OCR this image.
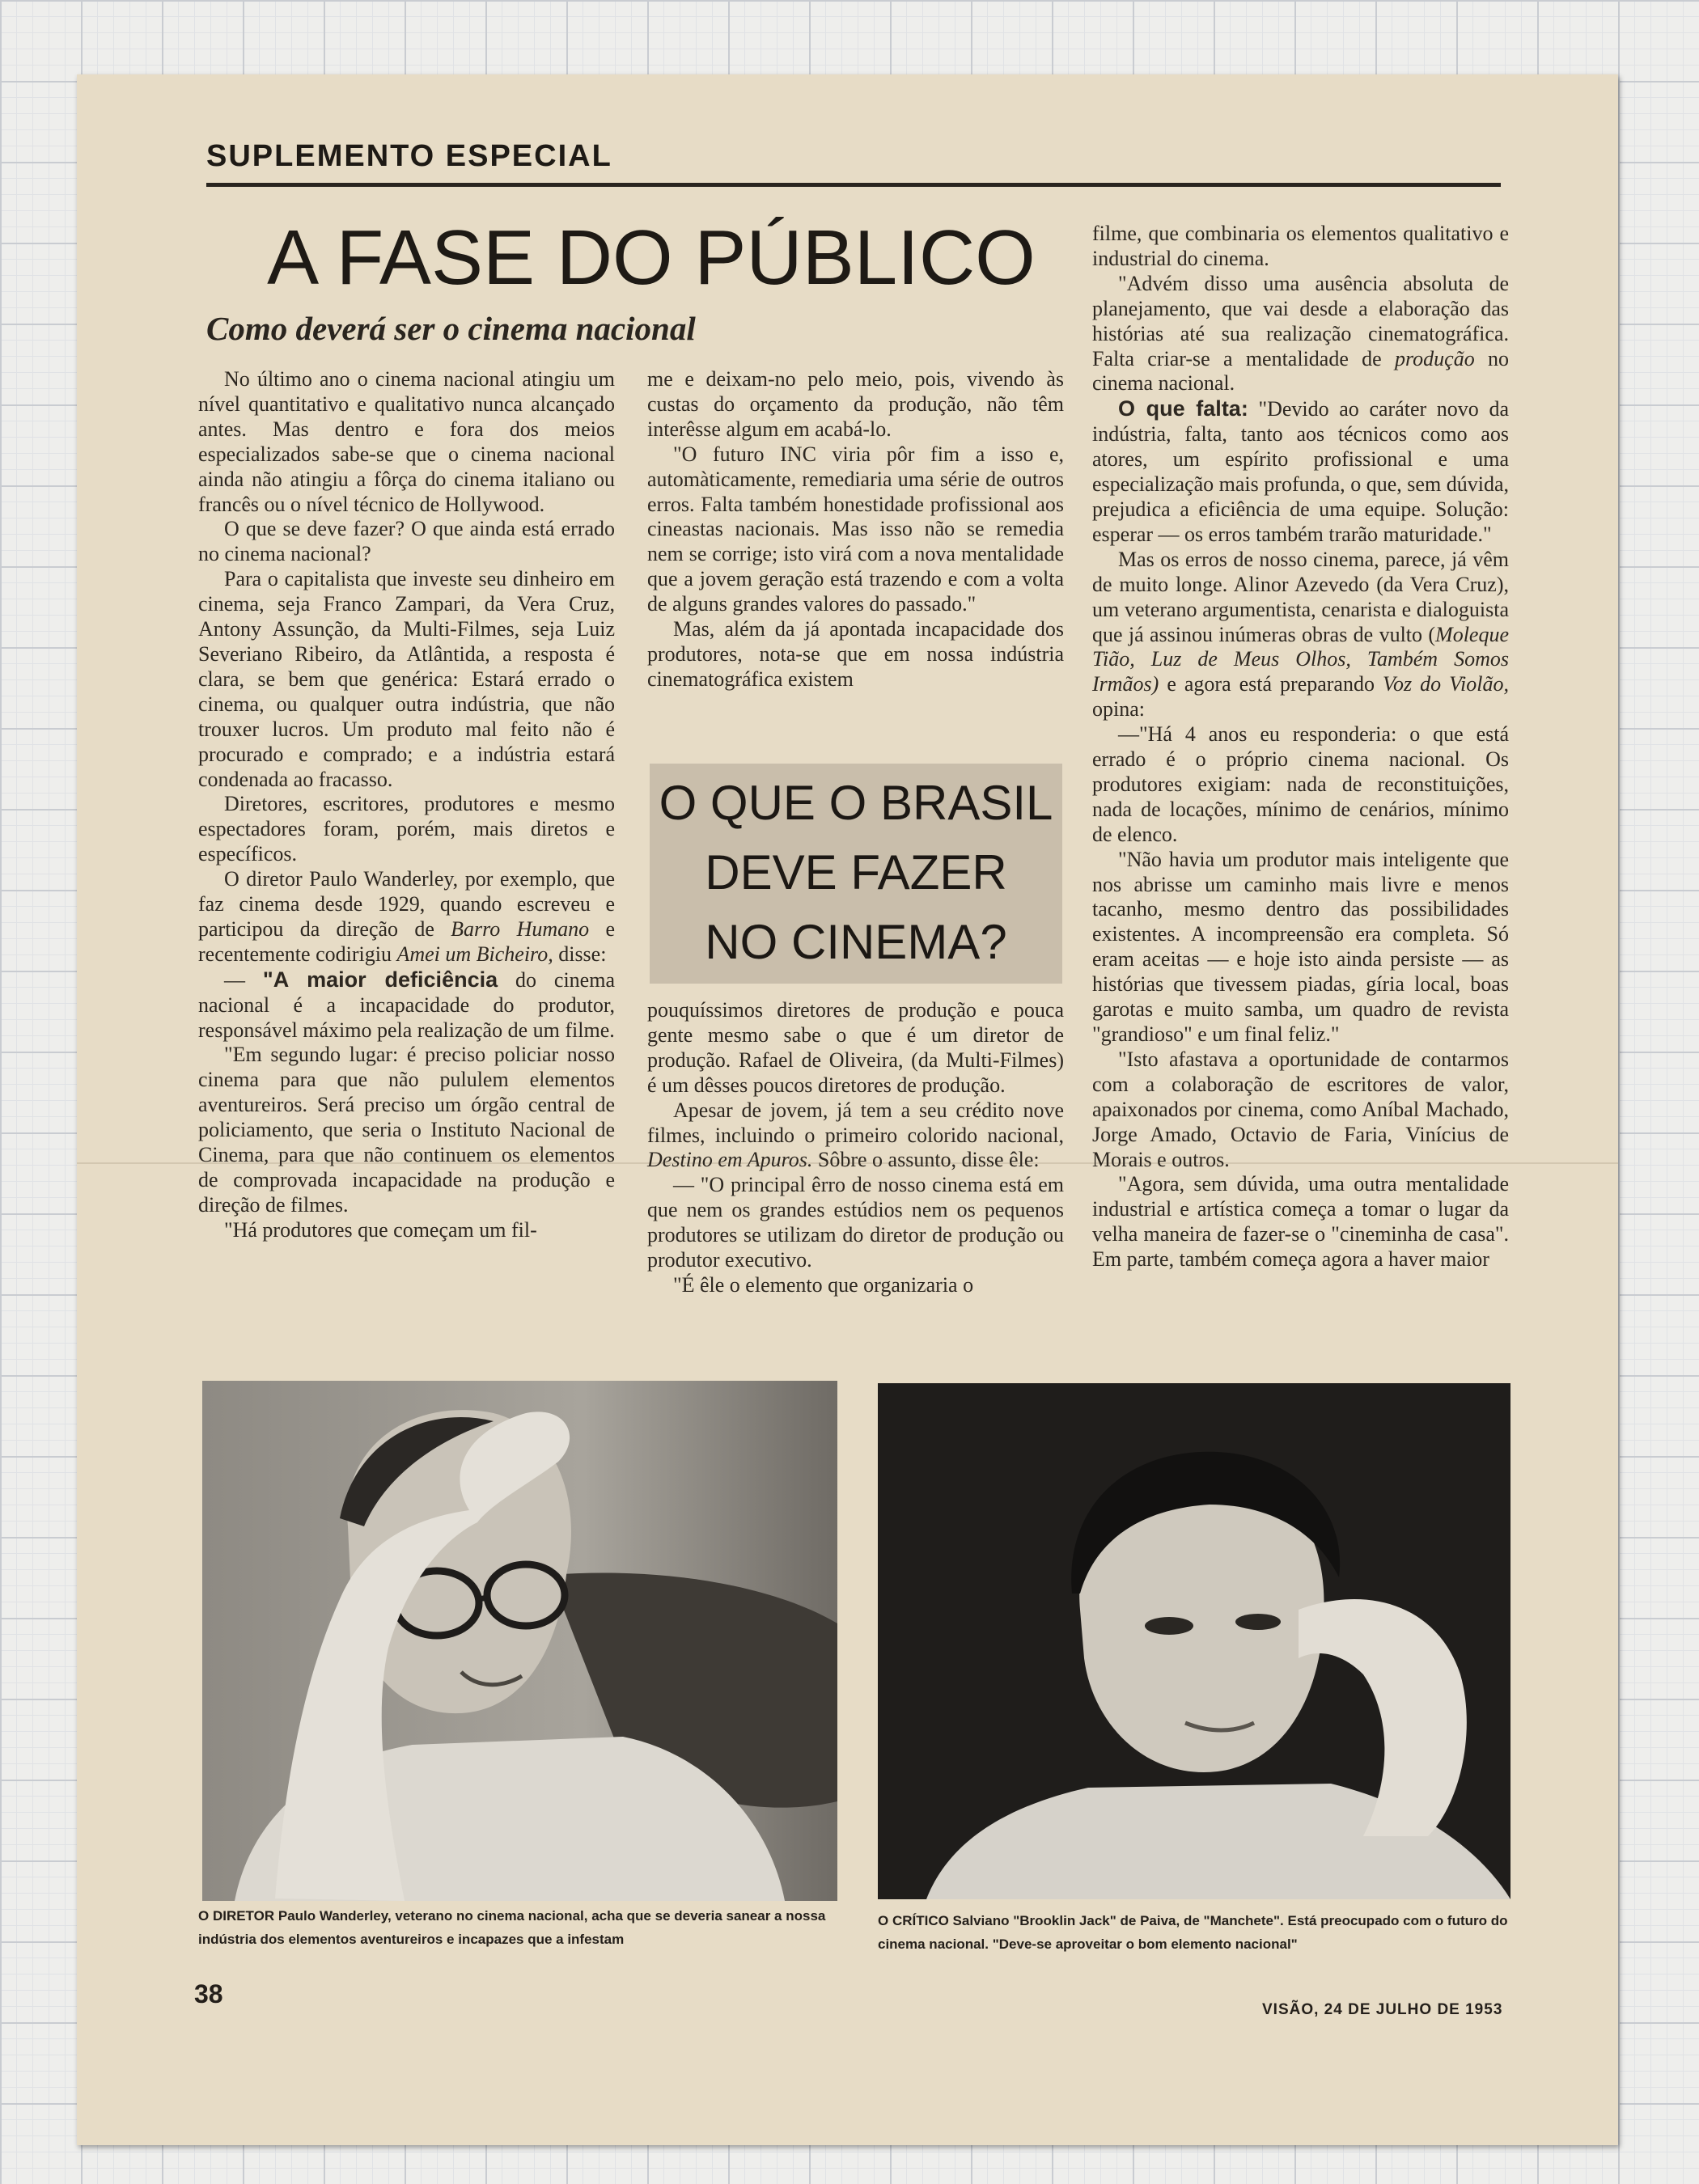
SUPLEMENTO ESPECIAL
A FASE DO PÚBLICO
Como deverá ser o cinema nacional

No último ano o cinema nacional atingiu um nível quantitativo e qualitativo nunca alcançado antes. Mas dentro e fora dos meios especializados sabe-se que o cinema nacional ainda não atingiu a fôrça do cinema italiano ou francês ou o nível técnico de Hollywood.

O que se deve fazer? O que ainda está errado no cinema nacional?

Para o capitalista que investe seu dinheiro em cinema, seja Franco Zampari, da Vera Cruz, Antony Assunção, da Multi-Filmes, seja Luiz Severiano Ribeiro, da Atlântida, a resposta é clara, se bem que genérica: Estará errado o cinema, ou qualquer outra indústria, que não trouxer lucros. Um produto mal feito não é procurado e comprado; e a indústria estará condenada ao fracasso.

Diretores, escritores, produtores e mesmo espectadores foram, porém, mais diretos e específicos.

O diretor Paulo Wanderley, por exemplo, que faz cinema desde 1929, quando escreveu e participou da direção de Barro Humano e recentemente codirigiu Amei um Bicheiro, disse:

— "A maior deficiência do cinema nacional é a incapacidade do produtor, responsável máximo pela realização de um filme.

"Em segundo lugar: é preciso policiar nosso cinema para que não pululem elementos aventureiros. Será preciso um órgão central de policiamento, que seria o Instituto Nacional de Cinema, para que não continuem os elementos de comprovada incapacidade na produção e direção de filmes.

"Há produtores que começam um fil-

me e deixam-no pelo meio, pois, vivendo às custas do orçamento da produção, não têm interêsse algum em acabá-lo.

"O futuro INC viria pôr fim a isso e, automàticamente, remediaria uma série de outros erros. Falta também honestidade profissional aos cineastas nacionais. Mas isso não se remedia nem se corrige; isto virá com a nova mentalidade que a jovem geração está trazendo e com a volta de alguns grandes valores do passado."

Mas, além da já apontada incapacidade dos produtores, nota-se que em nossa indústria cinematográfica existem

O QUE O BRASIL
DEVE FAZER
NO CINEMA?

pouquíssimos diretores de produção e pouca gente mesmo sabe o que é um diretor de produção. Rafael de Oliveira, (da Multi-Filmes) é um dêsses poucos diretores de produção.

Apesar de jovem, já tem a seu crédito nove filmes, incluindo o primeiro colorido nacional, Destino em Apuros. Sôbre o assunto, disse êle:

— "O principal êrro de nosso cinema está em que nem os grandes estúdios nem os pequenos produtores se utilizam do diretor de produção ou produtor executivo.

"É êle o elemento que organizaria o

filme, que combinaria os elementos qualitativo e industrial do cinema.

"Advém disso uma ausência absoluta de planejamento, que vai desde a elaboração das histórias até sua realização cinematográfica. Falta criar-se a mentalidade de produção no cinema nacional.

O que falta: "Devido ao caráter novo da indústria, falta, tanto aos técnicos como aos atores, um espírito profissional e uma especialização mais profunda, o que, sem dúvida, prejudica a eficiência de uma equipe. Solução: esperar — os erros também trarão maturidade."

Mas os erros de nosso cinema, parece, já vêm de muito longe. Alinor Azevedo (da Vera Cruz), um veterano argumentista, cenarista e dialoguista que já assinou inúmeras obras de vulto (Moleque Tião, Luz de Meus Olhos, Também Somos Irmãos) e agora está preparando Voz do Violão, opina:

—"Há 4 anos eu responderia: o que está errado é o próprio cinema nacional. Os produtores exigiam: nada de reconstituições, nada de locações, mínimo de cenários, mínimo de elenco.

"Não havia um produtor mais inteligente que nos abrisse um caminho mais livre e menos tacanho, mesmo dentro das possibilidades existentes. A incompreensão era completa. Só eram aceitas — e hoje isto ainda persiste — as histórias que tivessem piadas, gíria local, boas garotas e muito samba, um quadro de revista "grandioso" e um final feliz."

"Isto afastava a oportunidade de contarmos com a colaboração de escritores de valor, apaixonados por cinema, como Aníbal Machado, Jorge Amado, Octavio de Faria, Vinícius de Morais e outros.

"Agora, sem dúvida, uma outra mentalidade industrial e artística começa a tomar o lugar da velha maneira de fazer-se o "cineminha de casa". Em parte, também começa agora a haver maior

O DIRETOR Paulo Wanderley, veterano no cinema nacional, acha que se deveria sanear a nossa indústria dos elementos aventureiros e incapazes que a infestam
O CRÍTICO Salviano "Brooklin Jack" de Paiva, de "Manchete". Está preocupado com o futuro do cinema nacional. "Deve-se aproveitar o bom elemento nacional"
38
VISÃO, 24 DE JULHO DE 1953
